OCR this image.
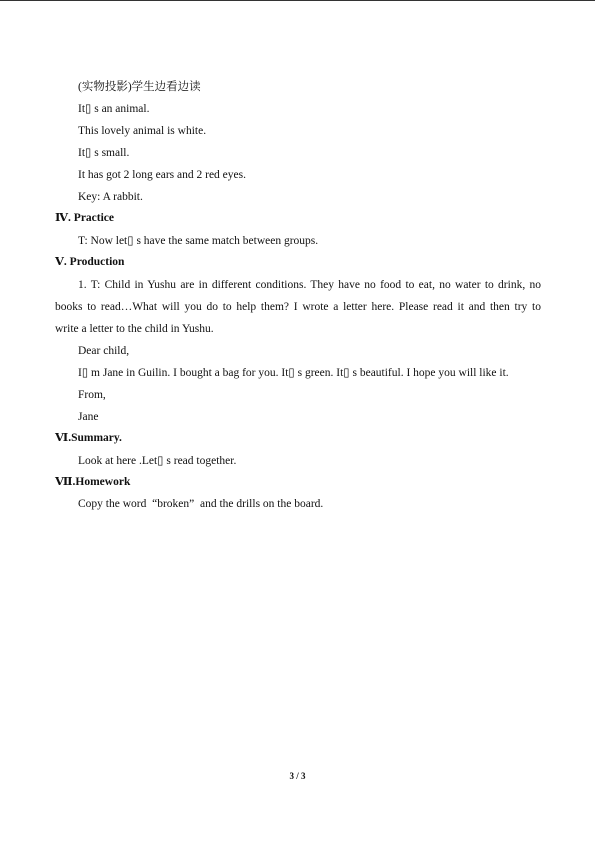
(实物投影)学生边看边读
It▯ s an animal.
This lovely animal is white.
It▯ s small.
It has got 2 long ears and 2 red eyes.
Key: A rabbit.
Ⅳ. Practice
T: Now let▯ s have the same match between groups.
Ⅴ. Production
1. T: Child in Yushu are in different conditions. They have no food to eat, no water to drink, no
books to read…What will you do to help them? I wrote a letter here. Please read it and then try to
write a letter to the child in Yushu.
Dear child,
I▯ m Jane in Guilin. I bought a bag for you. It▯ s green. It▯ s beautiful. I hope you will like it.
From,
Jane
Ⅵ.Summary.
Look at here .Let▯ s read together.
Ⅶ.Homework
Copy the word  “broken”  and the drills on the board.
3 / 3
